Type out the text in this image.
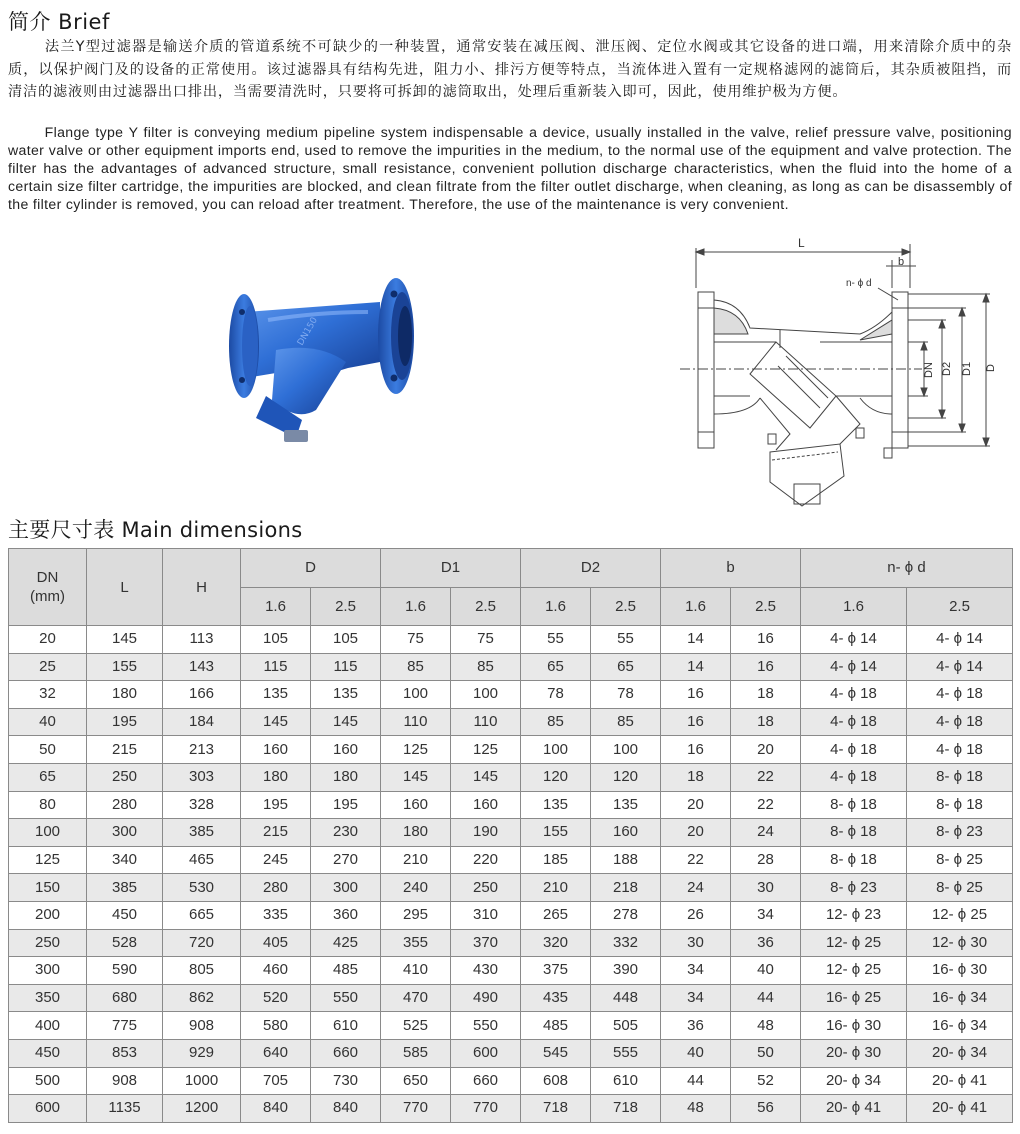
简介 Brief

法兰Y型过滤器是输送介质的管道系统不可缺少的一种装置，通常安装在减压阀、泄压阀、定位水阀或其它设备的进口端，用来清除介质中的杂质，以保护阀门及的设备的正常使用。该过滤器具有结构先进，阻力小、排污方便等特点，当流体进入置有一定规格滤网的滤筒后，其杂质被阻挡，而清洁的滤液则由过滤器出口排出，当需要清洗时，只要将可拆卸的滤筒取出，处理后重新装入即可，因此，使用维护极为方便。

Flange type Y filter is conveying medium pipeline system indispensable a device, usually installed in the valve, relief pressure valve, positioning water valve or other equipment imports end, used to remove the impurities in the medium, to the normal use of the equipment and valve protection. The filter has the advantages of advanced structure, small resistance, convenient pollution discharge characteristics, when the fluid into the home of a certain size filter cartridge, the impurities are blocked, and clean filtrate from the filter outlet discharge, when cleaning, as long as can be disassembly of the filter cylinder is removed, you can reload after treatment. Therefore, the use of the maintenance is very convenient.

DN150
L
b
n- ϕ d
DN D2 D1 D
主要尺寸表 Main dimensions
DN
(mm)	L	H	D		D1		D2		b		n- ϕ d	
			1.6	2.5	1.6	2.5	1.6	2.5	1.6	2.5	1.6	2.5
20	145	113	105	105	75	75	55	55	14	16	4- ϕ 14	4- ϕ 14
25	155	143	115	115	85	85	65	65	14	16	4- ϕ 14	4- ϕ 14
32	180	166	135	135	100	100	78	78	16	18	4- ϕ 18	4- ϕ 18
40	195	184	145	145	110	110	85	85	16	18	4- ϕ 18	4- ϕ 18
50	215	213	160	160	125	125	100	100	16	20	4- ϕ 18	4- ϕ 18
65	250	303	180	180	145	145	120	120	18	22	4- ϕ 18	8- ϕ 18
80	280	328	195	195	160	160	135	135	20	22	8- ϕ 18	8- ϕ 18
100	300	385	215	230	180	190	155	160	20	24	8- ϕ 18	8- ϕ 23
125	340	465	245	270	210	220	185	188	22	28	8- ϕ 18	8- ϕ 25
150	385	530	280	300	240	250	210	218	24	30	8- ϕ 23	8- ϕ 25
200	450	665	335	360	295	310	265	278	26	34	12- ϕ 23	12- ϕ 25
250	528	720	405	425	355	370	320	332	30	36	12- ϕ 25	12- ϕ 30
300	590	805	460	485	410	430	375	390	34	40	12- ϕ 25	16- ϕ 30
350	680	862	520	550	470	490	435	448	34	44	16- ϕ 25	16- ϕ 34
400	775	908	580	610	525	550	485	505	36	48	16- ϕ 30	16- ϕ 34
450	853	929	640	660	585	600	545	555	40	50	20- ϕ 30	20- ϕ 34
500	908	1000	705	730	650	660	608	610	44	52	20- ϕ 34	20- ϕ 41
600	1135	1200	840	840	770	770	718	718	48	56	20- ϕ 41	20- ϕ 41
